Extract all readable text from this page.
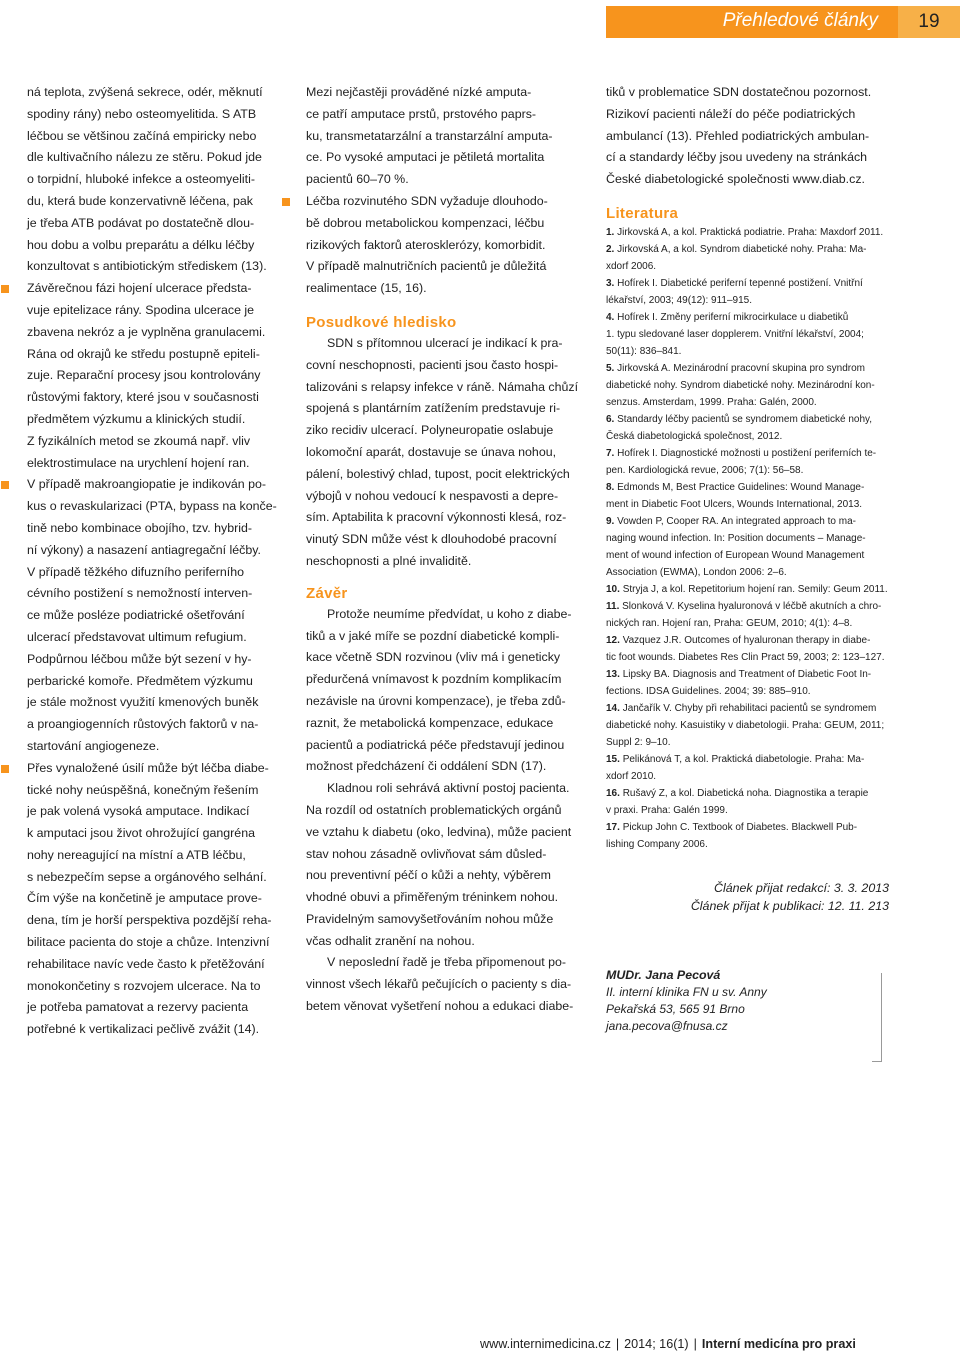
Přehledové články	19

ná teplota, zvýšená sekrece, odér, měknutí
spodiny rány) nebo osteomyelitida. S ATB
léčbou se většinou začíná empiricky nebo
dle kultivačního nálezu ze stěru. Pokud jde
o torpidní, hluboké infekce a osteomyeliti-
du, která bude konzervativně léčena, pak
je třeba ATB podávat po dostatečně dlou-
hou dobu a volbu preparátu a délku léčby
konzultovat s antibiotickým střediskem (13).

Závěrečnou fázi hojení ulcerace předsta-
vuje epitelizace rány. Spodina ulcerace je
zbavena nekróz a je vyplněna granulacemi.
Rána od okrajů ke středu postupně epiteli-
zuje. Reparační procesy jsou kontrolovány
růstovými faktory, které jsou v současnosti
předmětem výzkumu a klinických studií.
Z fyzikálních metod se zkoumá např. vliv
elektrostimulace na urychlení hojení ran.

V případě makroangiopatie je indikován po-
kus o revaskularizaci (PTA, bypass na konče-
tině nebo kombinace obojího, tzv. hybrid-
ní výkony) a nasazení antiagregační léčby.
V případě těžkého difuzního periferního
cévního postižení s nemožností interven-
ce může posléze podiatrické ošetřování
ulcerací představovat ultimum refugium.
Podpůrnou léčbou může být sezení v hy-
perbarické komoře. Předmětem výzkumu
je stále možnost využití kmenových buněk
a proangiogenních růstových faktorů v na-
startování angiogeneze.

Přes vynaložené úsilí může být léčba diabe-
tické nohy neúspěšná, konečným řešením
je pak volená vysoká amputace. Indikací
k amputaci jsou život ohrožující gangréna
nohy nereagující na místní a ATB léčbu,
s nebezpečím sepse a orgánového selhání.
Čím výše na končetině je amputace prove-
dena, tím je horší perspektiva pozdější reha-
bilitace pacienta do stoje a chůze. Intenzivní
rehabilitace navíc vede často k přetěžování
monokončetiny s rozvojem ulcerace. Na to
je potřeba pamatovat a rezervy pacienta
potřebné k vertikalizaci pečlivě zvážit (14).

Mezi nejčastěji prováděné nízké amputa-
ce patří amputace prstů, prstového paprs-
ku, transmetatarzální a transtarzální amputa-
ce. Po vysoké amputaci je pětiletá mortalita
pacientů 60–70 %.

Léčba rozvinutého SDN vyžaduje dlouhodo-
bě dobrou metabolickou kompenzaci, léčbu
rizikových faktorů aterosklerózy, komorbidit.
V případě malnutričních pacientů je důležitá
realimentace (15, 16).

Posudkové hledisko

SDN s přítomnou ulcerací je indikací k pra-
covní neschopnosti, pacienti jsou často hospi-
talizováni s relapsy infekce v ráně. Námaha chůzí
spojená s plantárním zatížením predstavuje ri-
ziko recidiv ulcerací. Polyneuropatie oslabuje
lokomoční aparát, dostavuje se únava nohou,
pálení, bolestivý chlad, tupost, pocit elektrických
výbojů v nohou vedoucí k nespavosti a depre-
sím. Aptabilita k pracovní výkonnosti klesá, roz-
vinutý SDN může vést k dlouhodobé pracovní
neschopnosti a plné invaliditě.

Závěr

Protože neumíme předvídat, u koho z diabe-
tiků a v jaké míře se pozdní diabetické kompli-
kace včetně SDN rozvinou (vliv má i geneticky
předurčená vnímavost k pozdním komplikacím
nezávisle na úrovni kompenzace), je třeba zdů-
raznit, že metabolická kompenzace, edukace
pacientů a podiatrická péče představují jedinou
možnost předcházení či oddálení SDN (17).

Kladnou roli sehrává aktivní postoj pacienta.
Na rozdíl od ostatních problematických orgánů
ve vztahu k diabetu (oko, ledvina), může pacient
stav nohou zásadně ovlivňovat sám důsled-
nou preventivní péčí o kůži a nehty, výběrem
vhodné obuvi a přiměřeným tréninkem nohou.
Pravidelným samovyšetřováním nohou může
včas odhalit zranění na nohou.

V neposlední řadě je třeba připomenout po-
vinnost všech lékařů pečujících o pacienty s dia-
betem věnovat vyšetření nohou a edukaci diabe-

tiků v problematice SDN dostatečnou pozornost.
Rizikoví pacienti náleží do péče podiatrických
ambulancí (13). Přehled podiatrických ambulan-
cí a standardy léčby jsou uvedeny na stránkách
České diabetologické společnosti www.diab.cz.

Literatura

1. Jirkovská A, a kol. Praktická podiatrie. Praha: Maxdorf 2011.

2. Jirkovská A, a kol. Syndrom diabetické nohy. Praha: Ma-
xdorf 2006.

3. Hofírek I. Diabetické periferní tepenné postižení. Vnitřní
lékařství, 2003; 49(12): 911–915.

4. Hofírek I. Změny periferní mikrocirkulace u diabetiků
1. typu sledované laser dopplerem. Vnitřní lékařství, 2004;
50(11): 836–841.

5. Jirkovská A. Mezinárodní pracovní skupina pro syndrom
diabetické nohy. Syndrom diabetické nohy. Mezinárodní kon-
senzus. Amsterdam, 1999. Praha: Galén, 2000.

6. Standardy léčby pacientů se syndromem diabetické nohy,
Česká diabetologická společnost, 2012.

7. Hofírek I. Diagnostické možnosti u postižení periferních te-
pen. Kardiologická revue, 2006; 7(1): 56–58.

8. Edmonds M, Best Practice Guidelines: Wound Manage-
ment in Diabetic Foot Ulcers, Wounds International, 2013.

9. Vowden P, Cooper RA. An integrated approach to ma-
naging wound infection. In: Position documents – Manage-
ment of wound infection of European Wound Management
Association (EWMA), London 2006: 2–6.

10. Stryja J, a kol. Repetitorium hojení ran. Semily: Geum 2011.

11. Slonková V. Kyselina hyaluronová v léčbě akutních a chro-
nických ran. Hojení ran, Praha: GEUM, 2010; 4(1): 4–8.

12. Vazquez J.R. Outcomes of hyaluronan therapy in diabe-
tic foot wounds. Diabetes Res Clin Pract 59, 2003; 2: 123–127.

13. Lipsky BA. Diagnosis and Treatment of Diabetic Foot In-
fections. IDSA Guidelines. 2004; 39: 885–910.

14. Jančařík V. Chyby při rehabilitaci pacientů se syndromem
diabetické nohy. Kasuistiky v diabetologii. Praha: GEUM, 2011;
Suppl 2: 9–10.

15. Pelikánová T, a kol. Praktická diabetologie. Praha: Ma-
xdorf 2010.

16. Rušavý Z, a kol. Diabetická noha. Diagnostika a terapie
v praxi. Praha: Galén 1999.

17. Pickup John C. Textbook of Diabetes. Blackwell Pub-
lishing Company 2006.

Článek přijat redakcí: 3. 3. 2013
Článek přijat k publikaci: 12. 11. 213
MUDr. Jana Pecová
II. interní klinika FN u sv. Anny
Pekařská 53, 565 91 Brno
jana.pecova@fnusa.cz
www.internimedicina.cz | 2014; 16(1) | Interní medicína pro praxi
